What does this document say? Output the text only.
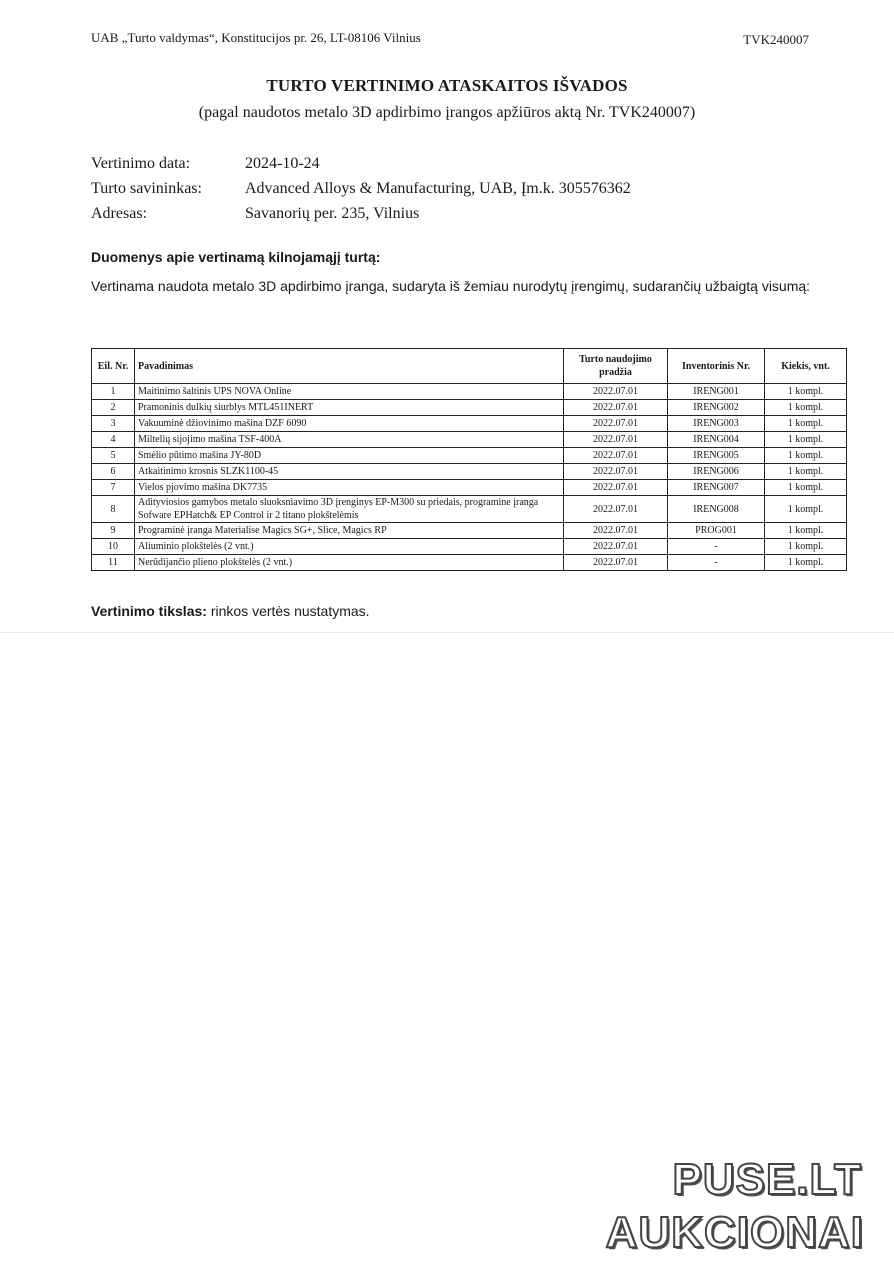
UAB „Turto valdymas“, Konstitucijos pr. 26, LT-08106 Vilnius	TVK240007
TURTO VERTINIMO ATASKAITOS IŠVADOS
(pagal naudotos metalo 3D apdirbimo įrangos apžiūros aktą Nr. TVK240007)
Vertinimo data:	2024-10-24
Turto savininkas:	Advanced Alloys & Manufacturing, UAB, Įm.k. 305576362
Adresas:	Savanorių per. 235, Vilnius
Duomenys apie vertinamą kilnojamąjį turtą:
Vertinama naudota metalo 3D apdirbimo įranga, sudaryta iš žemiau nurodytų įrengimų, sudarančių užbaigtą visumą:
Eil. Nr.	Pavadinimas	Turto naudojimo pradžia	Inventorinis Nr.	Kiekis, vnt.
1	Maitinimo šaltinis UPS NOVA Online	2022.07.01	IRENG001	1 kompl.
2	Pramoninis dulkių siurblys MTL451INERT	2022.07.01	IRENG002	1 kompl.
3	Vakuuminė džiovinimo mašina DZF 6090	2022.07.01	IRENG003	1 kompl.
4	Miltelių sijojimo mašina TSF-400A	2022.07.01	IRENG004	1 kompl.
5	Smėlio pūtimo mašina JY-80D	2022.07.01	IRENG005	1 kompl.
6	Atkaitinimo krosnis SLZK1100-45	2022.07.01	IRENG006	1 kompl.
7	Vielos pjovimo mašina DK7735	2022.07.01	IRENG007	1 kompl.
8	Adityviosios gamybos metalo sluoksniavimo 3D įrenginys EP-M300 su priedais, programine įranga Sofware EPHatch& EP Control ir 2 titano plokštelėmis	2022.07.01	IRENG008	1 kompl.
9	Programinė įranga Materialise Magics SG+, Slice, Magics RP	2022.07.01	PROG001	1 kompl.
10	Aliuminio plokštelės (2 vnt.)	2022.07.01	-	1 kompl.
11	Nerūdijančio plieno plokštelės (2 vnt.)	2022.07.01	-	1 kompl.
Vertinimo tikslas: rinkos vertės nustatymas.
PUSE.LT
AUKCIONAI
